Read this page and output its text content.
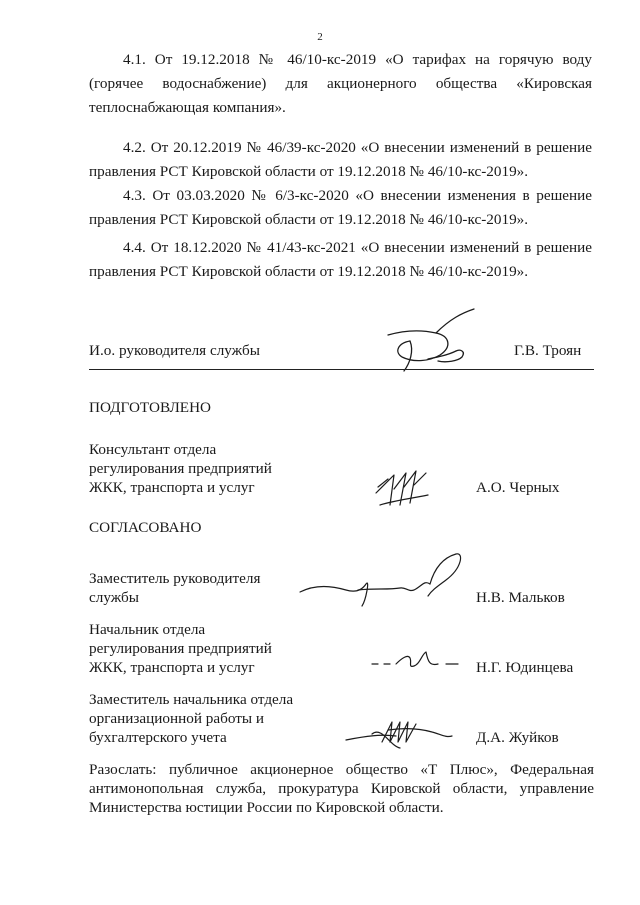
2

4.1. От 19.12.2018 № 46/10-кс-2019 «О тарифах на горячую воду (горячее водоснабжение) для акционерного общества «Кировская теплоснабжающая компания».

4.2. От 20.12.2019 № 46/39-кс-2020 «О внесении изменений в решение правления РСТ Кировской области от 19.12.2018 № 46/10-кс-2019».

4.3. От 03.03.2020 № 6/3-кс-2020 «О внесении изменения в решение правления РСТ Кировской области от 19.12.2018 № 46/10-кс-2019».

4.4. От 18.12.2020 № 41/43-кс-2021 «О внесении изменений в решение правления РСТ Кировской области от 19.12.2018 № 46/10-кс-2019».

И.о. руководителя службы	Г.В. Троян
ПОДГОТОВЛЕНО
Консультант отдела
регулирования предприятий
ЖКК, транспорта и услуг	А.О. Черных
СОГЛАСОВАНО
Заместитель руководителя
службы	Н.В. Мальков
Начальник отдела
регулирования предприятий
ЖКК, транспорта и услуг	Н.Г. Юдинцева
Заместитель начальника отдела
организационной работы и
бухгалтерского учета	Д.А. Жуйков
Разослать: публичное акционерное общество «Т Плюс», Федеральная антимонопольная служба, прокуратура Кировской области, управление Министерства юстиции России по Кировской области.
